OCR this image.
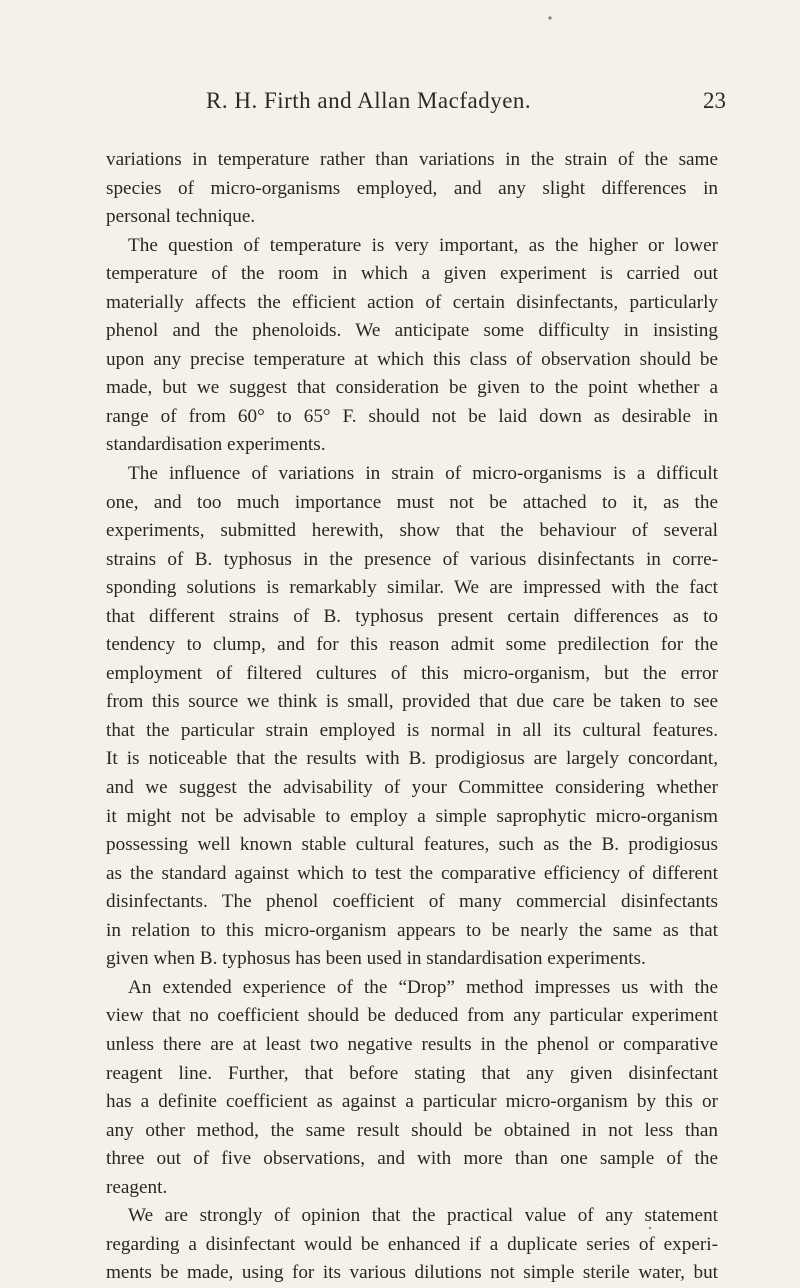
R. H. Firth and Allan Macfadyen.	23
variations in temperature rather than variations in the strain of the same
species of micro-organisms employed, and any slight differences in
personal technique.
The question of temperature is very important, as the higher or lower
temperature of the room in which a given experiment is carried out
materially affects the efficient action of certain disinfectants, particularly
phenol and the phenoloids. We anticipate some difficulty in insisting
upon any precise temperature at which this class of observation should be
made, but we suggest that consideration be given to the point whether a
range of from 60° to 65° F. should not be laid down as desirable in
standardisation experiments.
The influence of variations in strain of micro-organisms is a difficult
one, and too much importance must not be attached to it, as the
experiments, submitted herewith, show that the behaviour of several
strains of B. typhosus in the presence of various disinfectants in corre-
sponding solutions is remarkably similar. We are impressed with the fact
that different strains of B. typhosus present certain differences as to
tendency to clump, and for this reason admit some predilection for the
employment of filtered cultures of this micro-organism, but the error
from this source we think is small, provided that due care be taken to see
that the particular strain employed is normal in all its cultural features.
It is noticeable that the results with B. prodigiosus are largely concordant,
and we suggest the advisability of your Committee considering whether
it might not be advisable to employ a simple saprophytic micro-organism
possessing well known stable cultural features, such as the B. prodigiosus
as the standard against which to test the comparative efficiency of different
disinfectants. The phenol coefficient of many commercial disinfectants
in relation to this micro-organism appears to be nearly the same as that
given when B. typhosus has been used in standardisation experiments.
An extended experience of the “Drop” method impresses us with the
view that no coefficient should be deduced from any particular experiment
unless there are at least two negative results in the phenol or comparative
reagent line. Further, that before stating that any given disinfectant
has a definite coefficient as against a particular micro-organism by this or
any other method, the same result should be obtained in not less than
three out of five observations, and with more than one sample of the
reagent.
We are strongly of opinion that the practical value of any statement
regarding a disinfectant would be enhanced if a duplicate series of experi-
ments be made, using for its various dilutions not simple sterile water, but
